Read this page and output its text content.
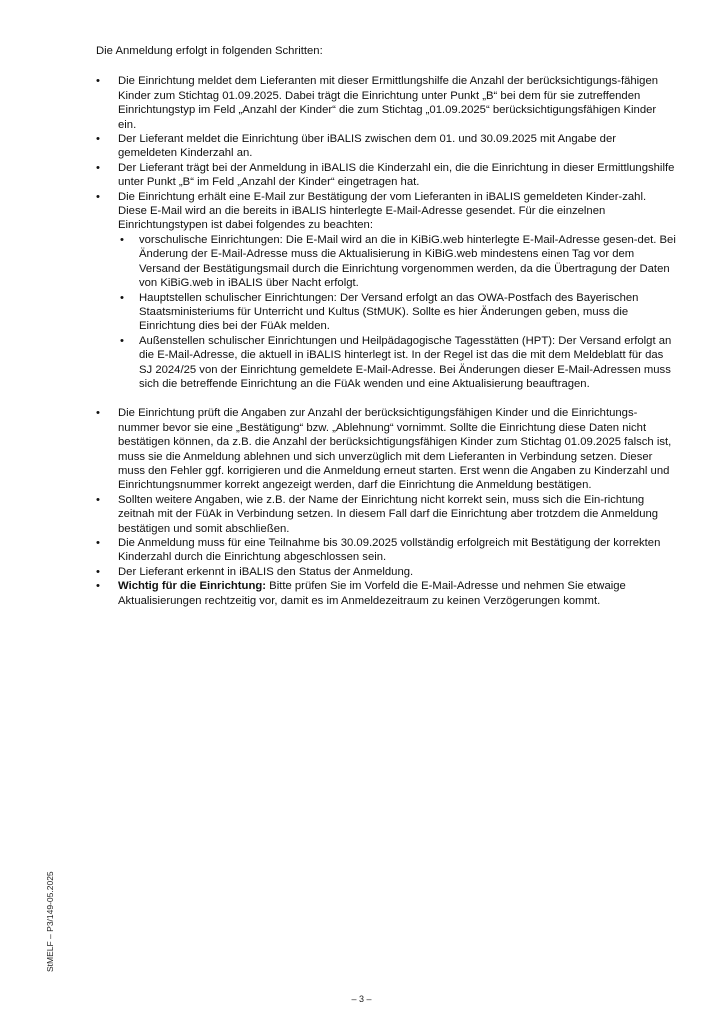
Die Anmeldung erfolgt in folgenden Schritten:

• Die Einrichtung meldet dem Lieferanten mit dieser Ermittlungshilfe die Anzahl der berücksichtigungs-fähigen Kinder zum Stichtag 01.09.2025. Dabei trägt die Einrichtung unter Punkt „B“ bei dem für sie zutreffenden Einrichtungstyp im Feld „Anzahl der Kinder“ die zum Stichtag „01.09.2025“ berücksichtigungsfähigen Kinder ein.
• Der Lieferant meldet die Einrichtung über iBALIS zwischen dem 01. und 30.09.2025 mit Angabe der gemeldeten Kinderzahl an.
• Der Lieferant trägt bei der Anmeldung in iBALIS die Kinderzahl ein, die die Einrichtung in dieser Ermittlungshilfe unter Punkt „B“ im Feld „Anzahl der Kinder“ eingetragen hat.
• Die Einrichtung erhält eine E-Mail zur Bestätigung der vom Lieferanten in iBALIS gemeldeten Kinder-zahl. Diese E-Mail wird an die bereits in iBALIS hinterlegte E-Mail-Adresse gesendet. Für die einzelnen Einrichtungstypen ist dabei folgendes zu beachten:
• vorschulische Einrichtungen: Die E-Mail wird an die in KiBiG.web hinterlegte E-Mail-Adresse gesen-det. Bei Änderung der E-Mail-Adresse muss die Aktualisierung in KiBiG.web mindestens einen Tag vor dem Versand der Bestätigungsmail durch die Einrichtung vorgenommen werden, da die Übertragung der Daten von KiBiG.web in iBALIS über Nacht erfolgt.
• Hauptstellen schulischer Einrichtungen: Der Versand erfolgt an das OWA-Postfach des Bayerischen Staatsministeriums für Unterricht und Kultus (StMUK). Sollte es hier Änderungen geben, muss die Einrichtung dies bei der FüAk melden.
• Außenstellen schulischer Einrichtungen und Heilpädagogische Tagesstätten (HPT): Der Versand erfolgt an die E-Mail-Adresse, die aktuell in iBALIS hinterlegt ist. In der Regel ist das die mit dem Meldeblatt für das SJ 2024/25 von der Einrichtung gemeldete E-Mail-Adresse. Bei Änderungen dieser E-Mail-Adressen muss sich die betreffende Einrichtung an die FüAk wenden und eine Aktualisierung beauftragen.
• Die Einrichtung prüft die Angaben zur Anzahl der berücksichtigungsfähigen Kinder und die Einrichtungs-nummer bevor sie eine „Bestätigung“ bzw. „Ablehnung“ vornimmt. Sollte die Einrichtung diese Daten nicht bestätigen können, da z.B. die Anzahl der berücksichtigungsfähigen Kinder zum Stichtag 01.09.2025 falsch ist, muss sie die Anmeldung ablehnen und sich unverzüglich mit dem Lieferanten in Verbindung setzen. Dieser muss den Fehler ggf. korrigieren und die Anmeldung erneut starten. Erst wenn die Angaben zu Kinderzahl und Einrichtungsnummer korrekt angezeigt werden, darf die Einrichtung die Anmeldung bestätigen.
• Sollten weitere Angaben, wie z.B. der Name der Einrichtung nicht korrekt sein, muss sich die Ein-richtung zeitnah mit der FüAk in Verbindung setzen. In diesem Fall darf die Einrichtung aber trotzdem die Anmeldung bestätigen und somit abschließen.
• Die Anmeldung muss für eine Teilnahme bis 30.09.2025 vollständig erfolgreich mit Bestätigung der korrekten Kinderzahl durch die Einrichtung abgeschlossen sein.
• Der Lieferant erkennt in iBALIS den Status der Anmeldung.
• Wichtig für die Einrichtung: Bitte prüfen Sie im Vorfeld die E-Mail-Adresse und nehmen Sie etwaige Aktualisierungen rechtzeitig vor, damit es im Anmeldezeitraum zu keinen Verzögerungen kommt.
StMELF – P3/149-05.2025
– 3 –
